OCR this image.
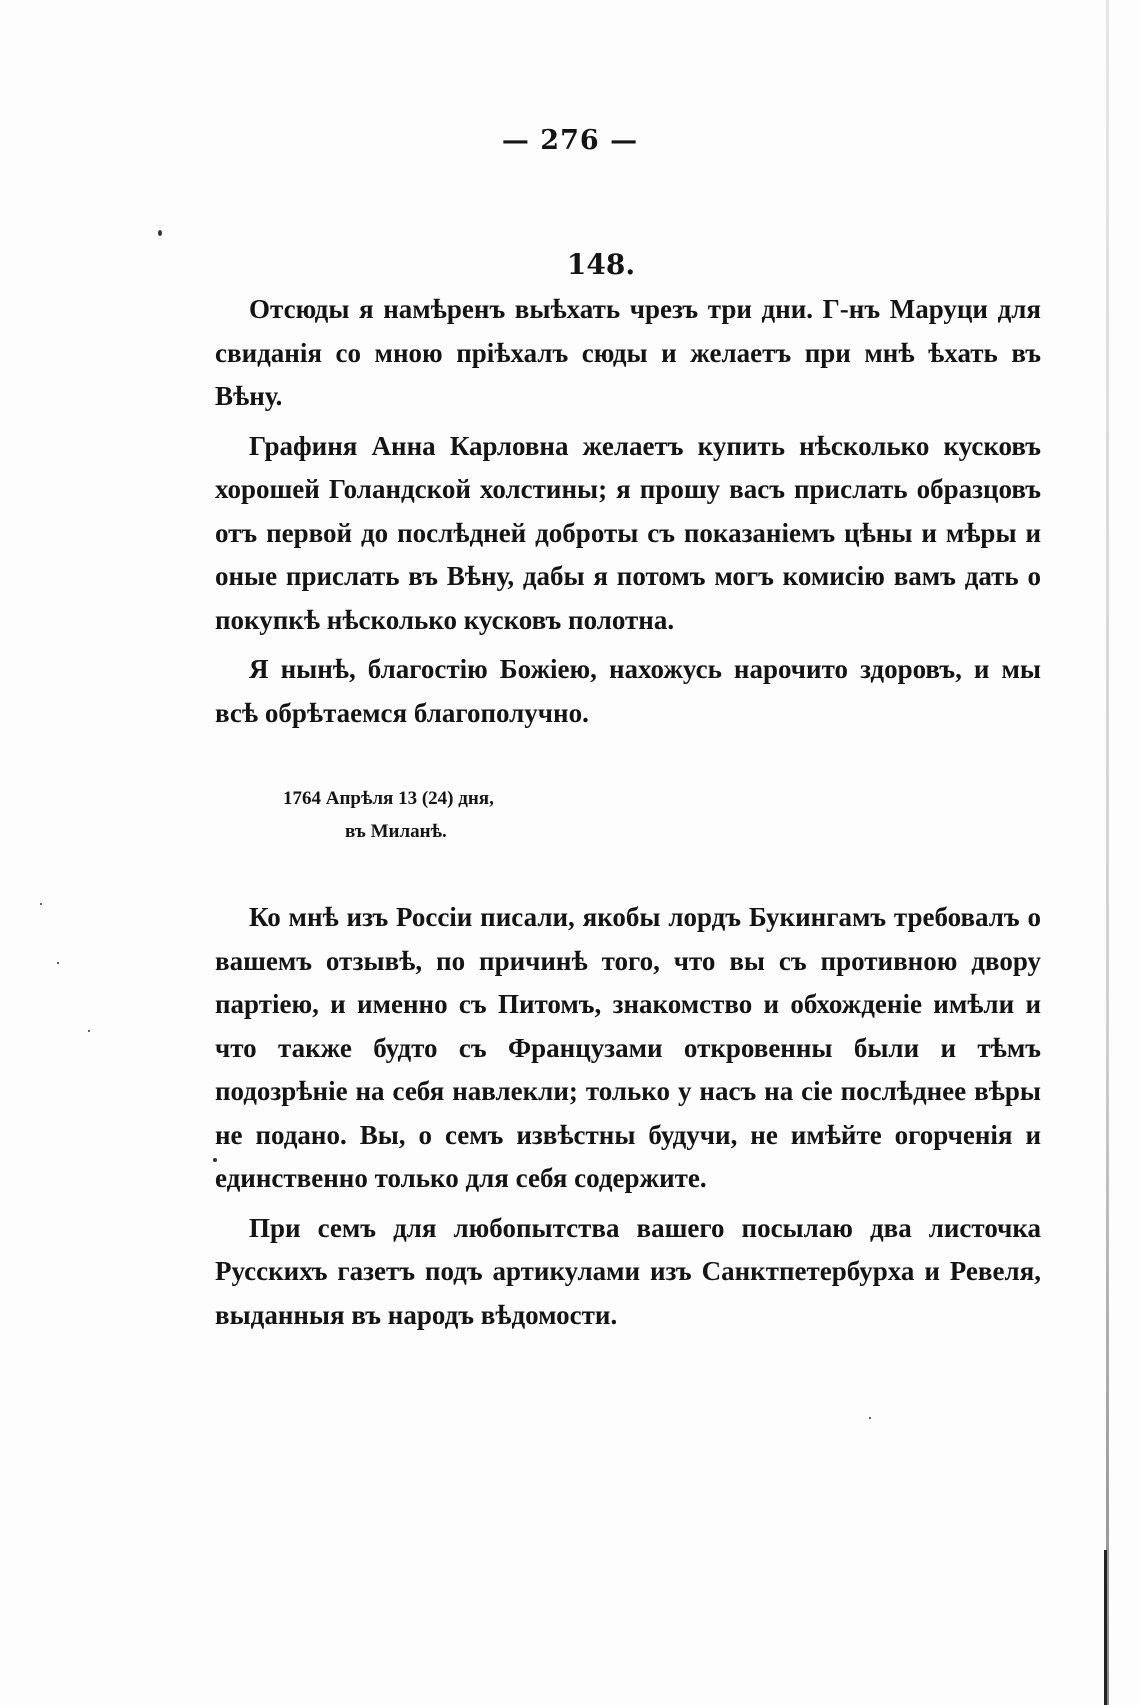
— 276 —
148.

Отсюды я намѣренъ выѣхать чрезъ три дни. Г-нъ Маруци для свиданія со мною пріѣхалъ сюды и желаетъ при мнѣ ѣхать въ Вѣну.

Графиня Анна Карловна желаетъ купить нѣсколько кусковъ хорошей Голандской холстины; я прошу васъ прислать образцовъ отъ первой до послѣдней доброты съ показаніемъ цѣны и мѣры и оные прислать въ Вѣну, дабы я потомъ могъ комисію вамъ дать о покупкѣ нѣсколько кусковъ полотна.

Я нынѣ, благостію Божіею, нахожусь нарочито здоровъ, и мы всѣ обрѣтаемся благополучно.

1764 Апрѣля 13 (24) дня,
въ Миланѣ.

Ко мнѣ изъ Россіи писали, якобы лордъ Букингамъ требовалъ о вашемъ отзывѣ, по причинѣ того, что вы съ противною двору партіею, и именно съ Питомъ, знакомство и обхожденіе имѣли и что также будто съ Французами откровенны были и тѣмъ подозрѣніе на себя навлекли; только у насъ на сіе послѣднее вѣры не подано. Вы, о семъ извѣстны будучи, не имѣйте огорченія и единственно только для себя содержите.

При семъ для любопытства вашего посылаю два листочка Русскихъ газетъ подъ артикулами изъ Санктпетербурха и Ревеля, выданныя въ народъ вѣдомости.
